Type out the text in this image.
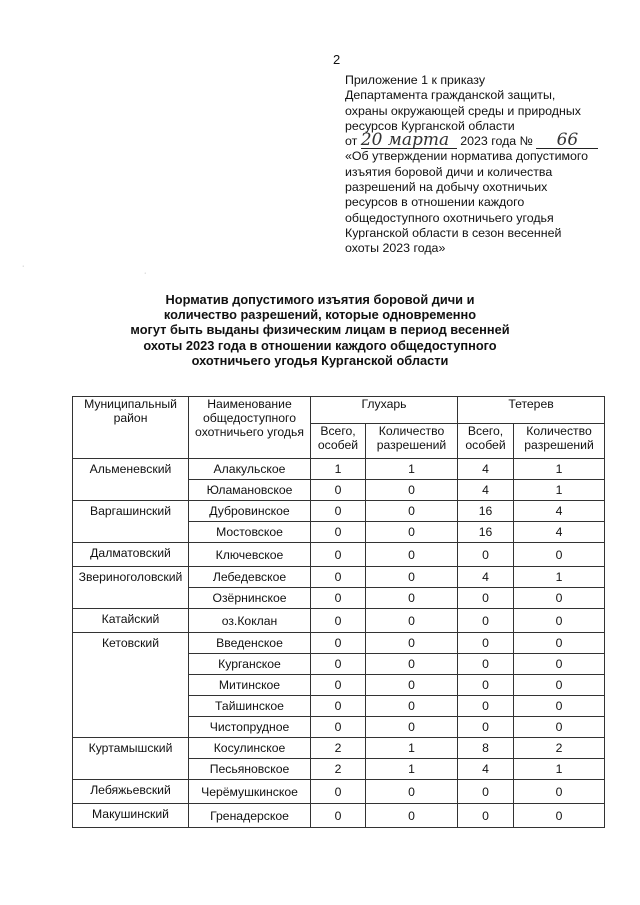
2
Приложение 1 к приказу
Департамента гражданской защиты,
охраны окружающей среды и природных
ресурсов Курганской области
от 20 марта 2023 года № 66
«Об утверждении норматива допустимого
изъятия боровой дичи и количества
разрешений на добычу охотничьих
ресурсов в отношении каждого
общедоступного охотничьего угодья
Курганской области в сезон весенней
охоты 2023 года»
·
·
Норматив допустимого изъятия боровой дичи и
количество разрешений, которые одновременно
могут быть выданы физическим лицам в период весенней
охоты 2023 года в отношении каждого общедоступного
охотничьего угодья Курганской области
Муниципальный район	Наименование общедоступного охотничьего угодья	Глухарь		Тетерев	
		Всего, особей	Количество разрешений	Всего, особей	Количество разрешений
Альменевский	Алакульское	1	1	4	1
	Юламановское	0	0	4	1
Варгашинский	Дубровинское	0	0	16	4
	Мостовское	0	0	16	4
Далматовский	Ключевское	0	0	0	0
Звериноголовский	Лебедевское	0	0	4	1
	Озёрнинское	0	0	0	0
Катайский	оз.Коклан	0	0	0	0
Кетовский	Введенское	0	0	0	0
	Курганское	0	0	0	0
	Митинское	0	0	0	0
	Тайшинское	0	0	0	0
	Чистопрудное	0	0	0	0
Куртамышский	Косулинское	2	1	8	2
	Песьяновское	2	1	4	1
Лебяжьевский	Черёмушкинское	0	0	0	0
Макушинский	Гренадерское	0	0	0	0
